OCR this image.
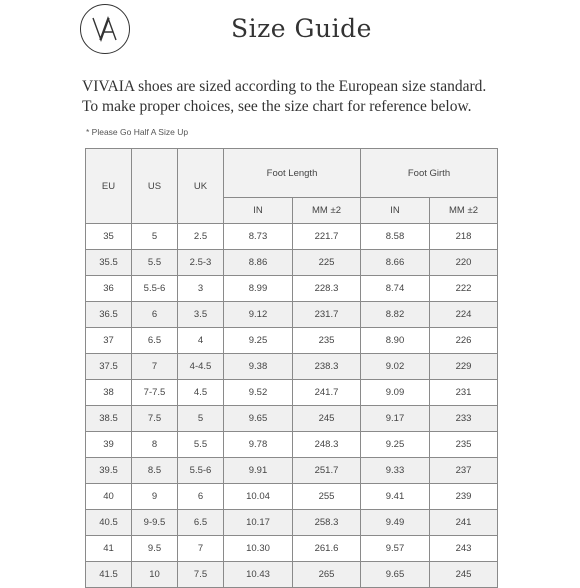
Size Guide
VIVAIA shoes are sized according to the European size standard.
To make proper choices, see the size chart for reference below.
* Please Go Half A Size Up
EU	US	UK	Foot Length		Foot Girth	
			IN	MM ±2	IN	MM ±2
35	5	2.5	8.73	221.7	8.58	218
35.5	5.5	2.5-3	8.86	225	8.66	220
36	5.5-6	3	8.99	228.3	8.74	222
36.5	6	3.5	9.12	231.7	8.82	224
37	6.5	4	9.25	235	8.90	226
37.5	7	4-4.5	9.38	238.3	9.02	229
38	7-7.5	4.5	9.52	241.7	9.09	231
38.5	7.5	5	9.65	245	9.17	233
39	8	5.5	9.78	248.3	9.25	235
39.5	8.5	5.5-6	9.91	251.7	9.33	237
40	9	6	10.04	255	9.41	239
40.5	9-9.5	6.5	10.17	258.3	9.49	241
41	9.5	7	10.30	261.6	9.57	243
41.5	10	7.5	10.43	265	9.65	245
